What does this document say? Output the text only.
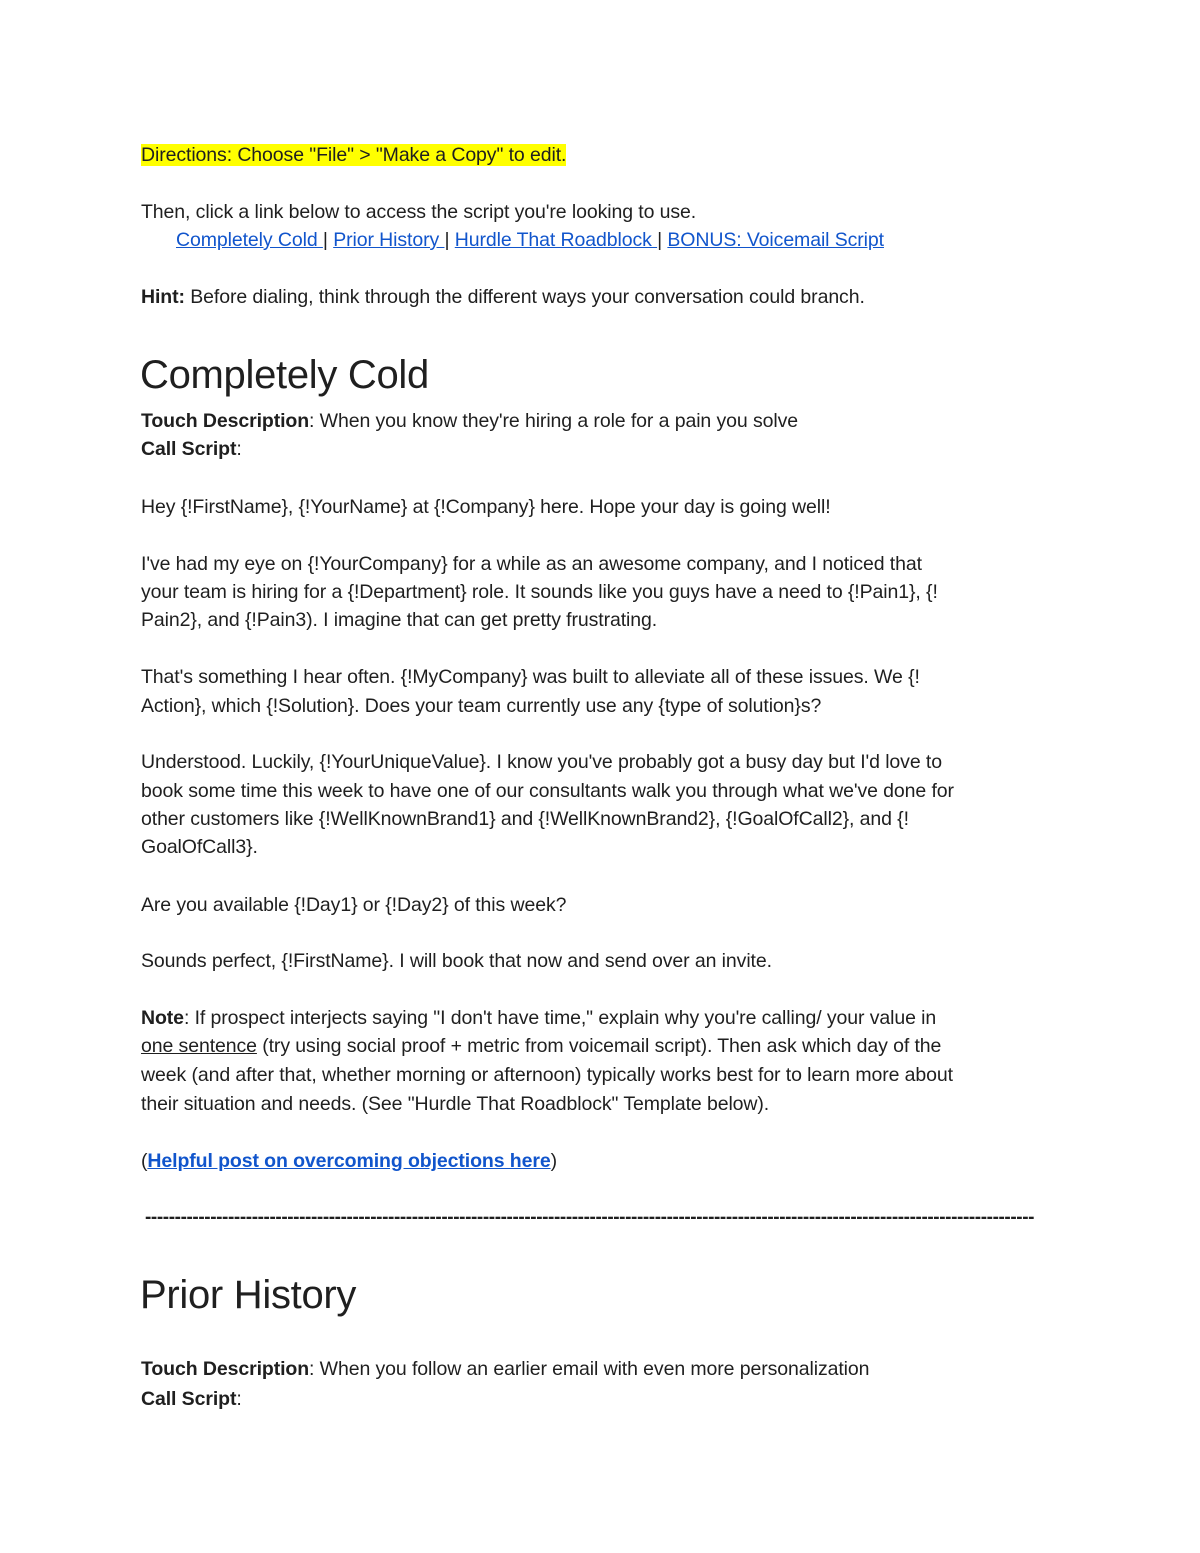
Directions: Choose "File" > "Make a Copy" to edit.
Then, click a link below to access the script you're looking to use.
Completely Cold | Prior History | Hurdle That Roadblock | BONUS: Voicemail Script
Hint: Before dialing, think through the different ways your conversation could branch.
Completely Cold
Touch Description: When you know they're hiring a role for a pain you solve
Call Script:
Hey {!FirstName}, {!YourName} at {!Company} here. Hope your day is going well!
I've had my eye on {!YourCompany} for a while as an awesome company, and I noticed that
your team is hiring for a {!Department} role. It sounds like you guys have a need to {!Pain1}, {!
Pain2}, and {!Pain3). I imagine that can get pretty frustrating.
That's something I hear often. {!MyCompany} was built to alleviate all of these issues. We {!
Action}, which {!Solution}. Does your team currently use any {type of solution}s?
Understood. Luckily, {!YourUniqueValue}. I know you've probably got a busy day but I'd love to
book some time this week to have one of our consultants walk you through what we've done for
other customers like {!WellKnownBrand1} and {!WellKnownBrand2}, {!GoalOfCall2}, and {!
GoalOfCall3}.
Are you available {!Day1} or {!Day2} of this week?
Sounds perfect, {!FirstName}. I will book that now and send over an invite.
Note: If prospect interjects saying "I don't have time," explain why you're calling/ your value in
one sentence (try using social proof + metric from voicemail script). Then ask which day of the
week (and after that, whether morning or afternoon) typically works best for to learn more about
their situation and needs. (See "Hurdle That Roadblock" Template below).
(Helpful post on overcoming objections here)
------------------------------------------------------------------------------------------------------------------------------------------------------
Prior History
Touch Description: When you follow an earlier email with even more personalization
Call Script:
